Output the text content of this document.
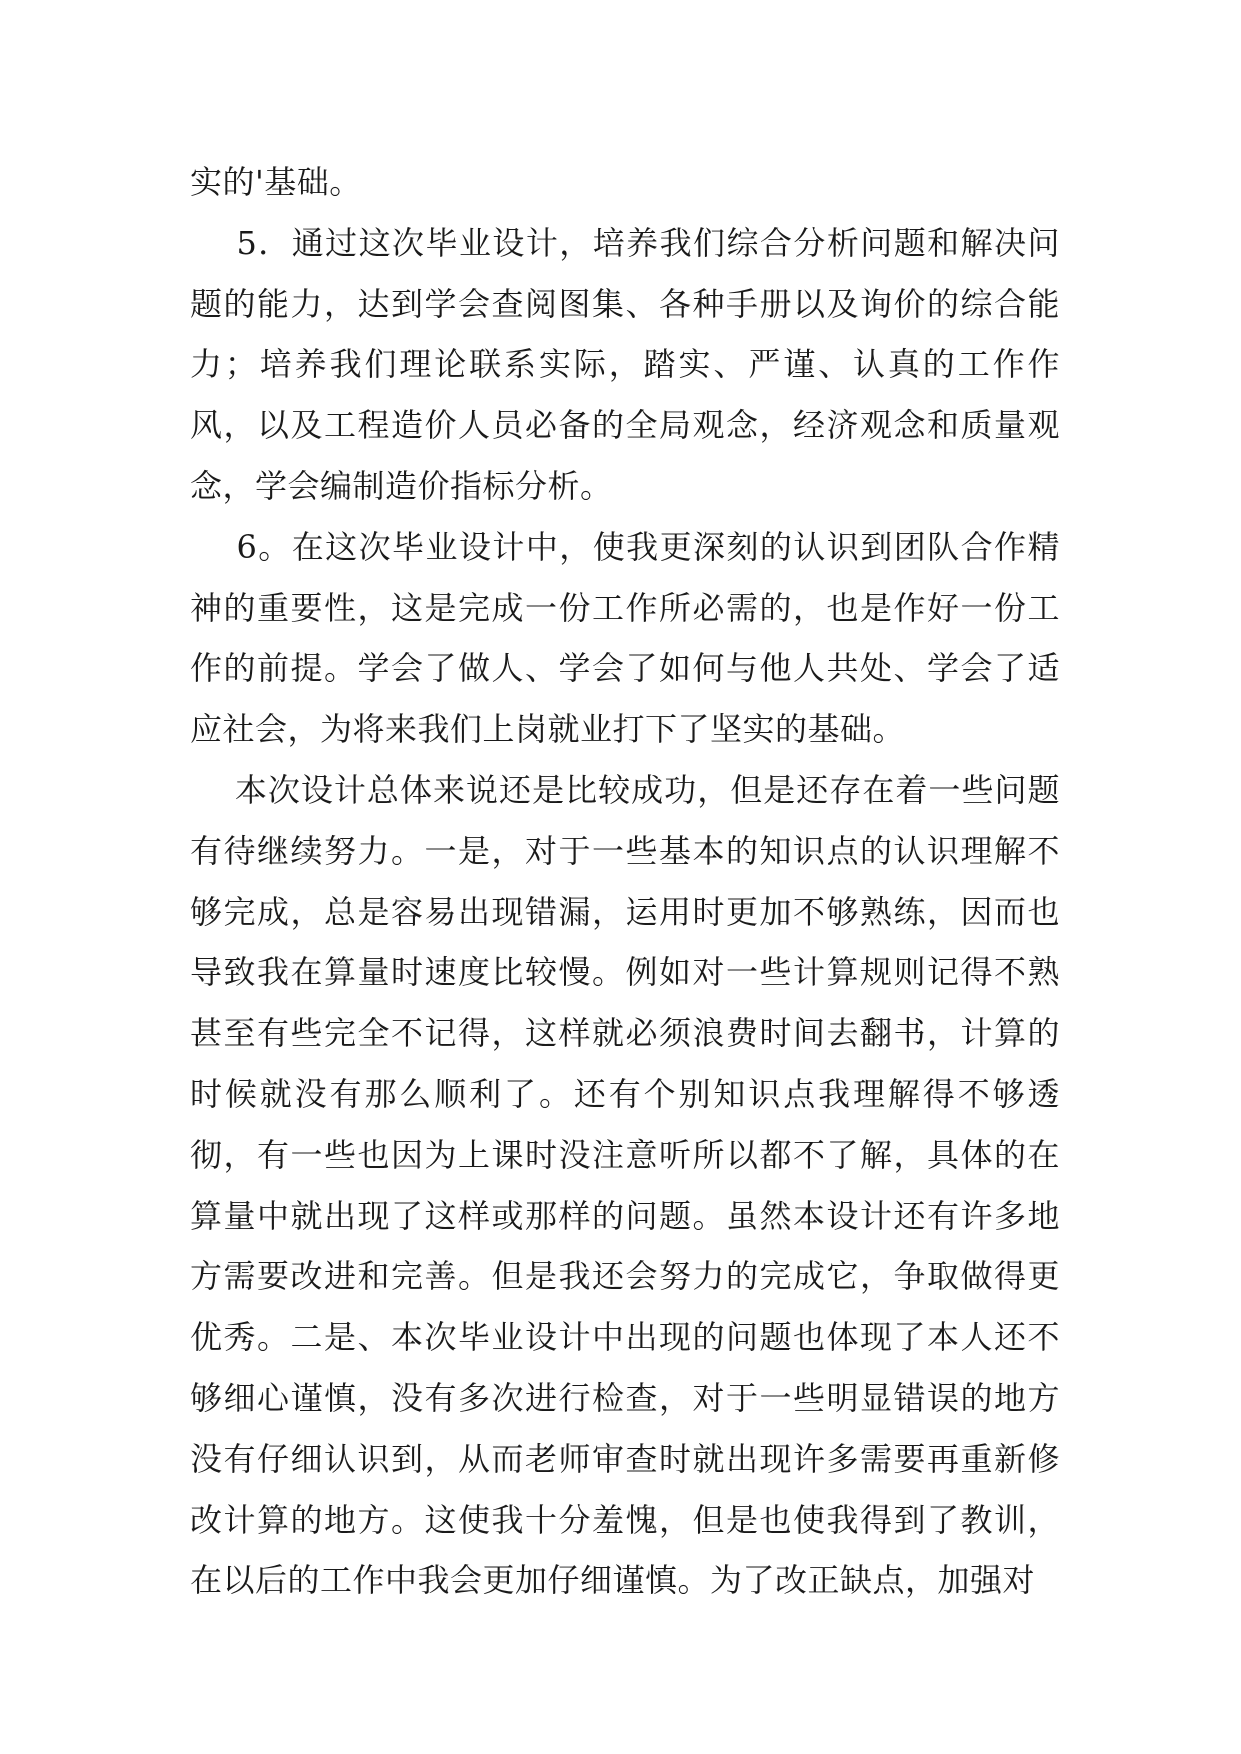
实的'基础。

5．通过这次毕业设计，培养我们综合分析问题和解决问题的能力，达到学会查阅图集、各种手册以及询价的综合能力；培养我们理论联系实际，踏实、严谨、认真的工作作风，以及工程造价人员必备的全局观念，经济观念和质量观念，学会编制造价指标分析。

6。在这次毕业设计中，使我更深刻的认识到团队合作精神的重要性，这是完成一份工作所必需的，也是作好一份工作的前提。学会了做人、学会了如何与他人共处、学会了适应社会，为将来我们上岗就业打下了坚实的基础。

本次设计总体来说还是比较成功，但是还存在着一些问题有待继续努力。一是，对于一些基本的知识点的认识理解不够完成，总是容易出现错漏，运用时更加不够熟练，因而也导致我在算量时速度比较慢。例如对一些计算规则记得不熟甚至有些完全不记得，这样就必须浪费时间去翻书，计算的时候就没有那么顺利了。还有个别知识点我理解得不够透彻，有一些也因为上课时没注意听所以都不了解，具体的在算量中就出现了这样或那样的问题。虽然本设计还有许多地方需要改进和完善。但是我还会努力的完成它，争取做得更优秀。二是、本次毕业设计中出现的问题也体现了本人还不够细心谨慎，没有多次进行检查，对于一些明显错误的地方没有仔细认识到，从而老师审查时就出现许多需要再重新修改计算的地方。这使我十分羞愧，但是也使我得到了教训，在以后的工作中我会更加仔细谨慎。为了改正缺点，加强对
